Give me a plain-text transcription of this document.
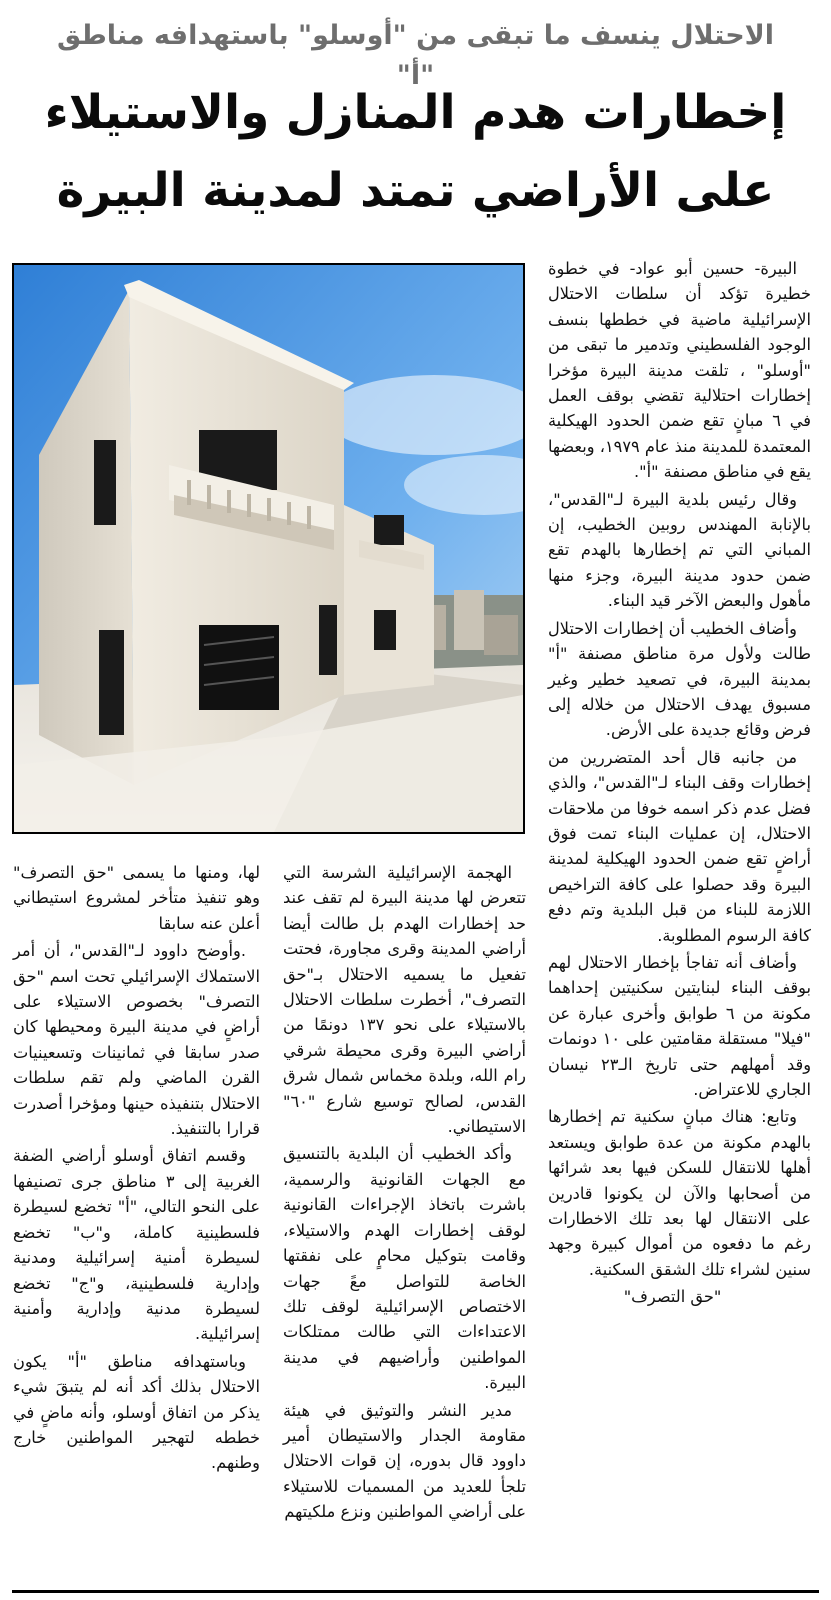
الاحتلال ينسف ما تبقى من "أوسلو" باستهدافه مناطق "أ"
إخطارات هدم المنازل والاستيلاء
على الأراضي تمتد لمدينة البيرة

البيرة- حسين أبو عواد- في خطوة خطيرة تؤكد أن سلطات الاحتلال الإسرائيلية ماضية في خططها بنسف الوجود الفلسطيني وتدمير ما تبقى من "أوسلو" ، تلقت مدينة البيرة مؤخرا إخطارات احتلالية تقضي بوقف العمل في ٦ مبانٍ تقع ضمن الحدود الهيكلية المعتمدة للمدينة منذ عام ١٩٧٩، وبعضها يقع في مناطق مصنفة "أ".

وقال رئيس بلدية البيرة لـ"القدس"، بالإنابة المهندس روبين الخطيب، إن المباني التي تم إخطارها بالهدم تقع ضمن حدود مدينة البيرة، وجزء منها مأهول والبعض الآخر قيد البناء.

وأضاف الخطيب أن إخطارات الاحتلال طالت ولأول مرة مناطق مصنفة "أ" بمدينة البيرة، في تصعيد خطير وغير مسبوق يهدف الاحتلال من خلاله إلى فرض وقائع جديدة على الأرض.

من جانبه قال أحد المتضررين من إخطارات وقف البناء لـ"القدس"، والذي فضل عدم ذكر اسمه خوفا من ملاحقات الاحتلال، إن عمليات البناء تمت فوق أراضٍ تقع ضمن الحدود الهيكلية لمدينة البيرة وقد حصلوا على كافة التراخيص اللازمة للبناء من قبل البلدية وتم دفع كافة الرسوم المطلوبة.

وأضاف أنه تفاجأ بإخطار الاحتلال لهم بوقف البناء لبنايتين سكنيتين إحداهما مكونة من ٦ طوابق وأخرى عبارة عن "فيلا" مستقلة مقامتين على ١٠ دونمات وقد أمهلهم حتى تاريخ الـ٢٣ نيسان الجاري للاعتراض.

وتابع: هناك مبانٍ سكنية تم إخطارها بالهدم مكونة من عدة طوابق ويستعد أهلها للانتقال للسكن فيها بعد شرائها من أصحابها والآن لن يكونوا قادرين على الانتقال لها بعد تلك الاخطارات رغم ما دفعوه من أموال كبيرة وجهد سنين لشراء تلك الشقق السكنية.

"حق التصرف"

الهجمة الإسرائيلية الشرسة التي تتعرض لها مدينة البيرة لم تقف عند حد إخطارات الهدم بل طالت أيضا أراضي المدينة وقرى مجاورة، فحتت تفعيل ما يسميه الاحتلال بـ"حق التصرف"، أخطرت سلطات الاحتلال بالاستيلاء على نحو ١٣٧ دونمًا من أراضي البيرة وقرى محيطة شرقي رام الله، وبلدة مخماس شمال شرق القدس، لصالح توسيع شارع "٦٠" الاستيطاني.

وأكد الخطيب أن البلدية بالتنسيق مع الجهات القانونية والرسمية، باشرت باتخاذ الإجراءات القانونية لوقف إخطارات الهدم والاستيلاء، وقامت بتوكيل محامٍ على نفقتها الخاصة للتواصل معً جهات الاختصاص الإسرائيلية لوقف تلك الاعتداءات التي طالت ممتلكات المواطنين وأراضيهم في مدينة البيرة.

مدير النشر والتوثيق في هيئة مقاومة الجدار والاستيطان أمير داوود قال بدوره، إن قوات الاحتلال تلجأ للعديد من المسميات للاستيلاء على أراضي المواطنين ونزع ملكيتهم

لها، ومنها ما يسمى "حق التصرف" وهو تنفيذ متأخر لمشروع استيطاني أعلن عنه سابقا

.وأوضح داوود لـ"القدس"، أن أمر الاستملاك الإسرائيلي تحت اسم "حق التصرف" بخصوص الاستيلاء على أراضٍ في مدينة البيرة ومحيطها كان صدر سابقا في ثمانينات وتسعينيات القرن الماضي ولم تقم سلطات الاحتلال بتنفيذه حينها ومؤخرا أصدرت قرارا بالتنفيذ.

وقسم اتفاق أوسلو أراضي الضفة الغربية إلى ٣ مناطق جرى تصنيفها على النحو التالي، "أ" تخضع لسيطرة فلسطينية كاملة، و"ب" تخضع لسيطرة أمنية إسرائيلية ومدنية وإدارية فلسطينية، و"ج" تخضع لسيطرة مدنية وإدارية وأمنية إسرائيلية.

وباستهدافه مناطق "أ" يكون الاحتلال بذلك أكد أنه لم يتبقَ شيء يذكر من اتفاق أوسلو، وأنه ماضٍ في خططه لتهجير المواطنين خارج وطنهم.
